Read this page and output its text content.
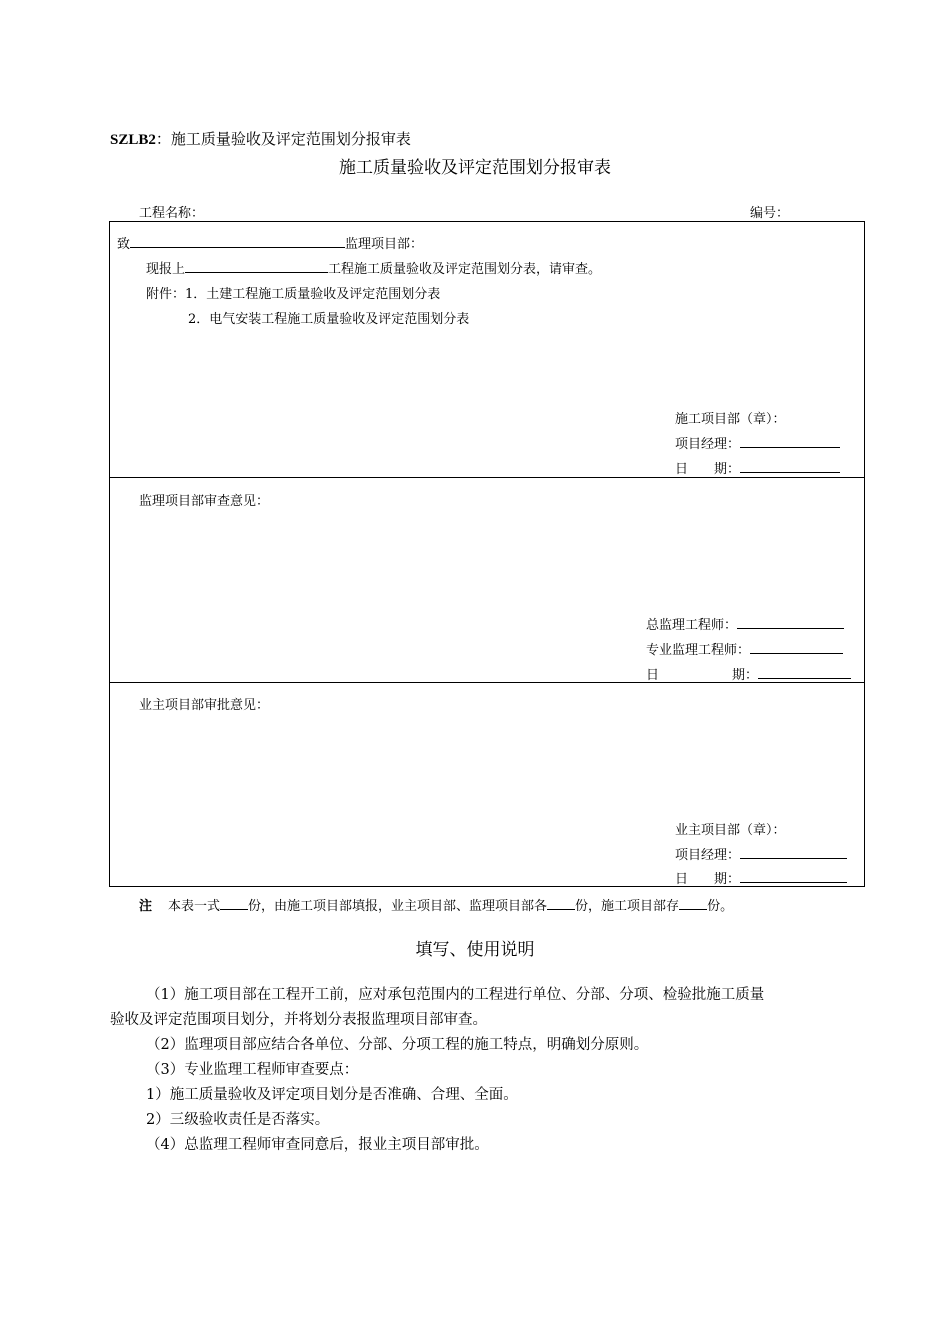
SZLB2：施工质量验收及评定范围划分报审表
施工质量验收及评定范围划分报审表
工程名称：	编号：
致	监理项目部：
现报上	工程施工质量验收及评定范围划分表，请审查。
附件：1．土建工程施工质量验收及评定范围划分表
2．电气安装工程施工质量验收及评定范围划分表
施工项目部（章）：
项目经理：
日　　期：
监理项目部审查意见：
总监理工程师：
专业监理工程师：
日	期：
业主项目部审批意见：
业主项目部（章）：
项目经理：
日　　期：
注 本表一式 份，由施工项目部填报，业主项目部、监理项目部各 份，施工项目部存 份。
填写、使用说明
（1）施工项目部在工程开工前，应对承包范围内的工程进行单位、分部、分项、检验批施工质量
验收及评定范围项目划分，并将划分表报监理项目部审查。
（2）监理项目部应结合各单位、分部、分项工程的施工特点，明确划分原则。
（3）专业监理工程师审查要点：
1）施工质量验收及评定项目划分是否准确、合理、全面。
2）三级验收责任是否落实。
（4）总监理工程师审查同意后，报业主项目部审批。
